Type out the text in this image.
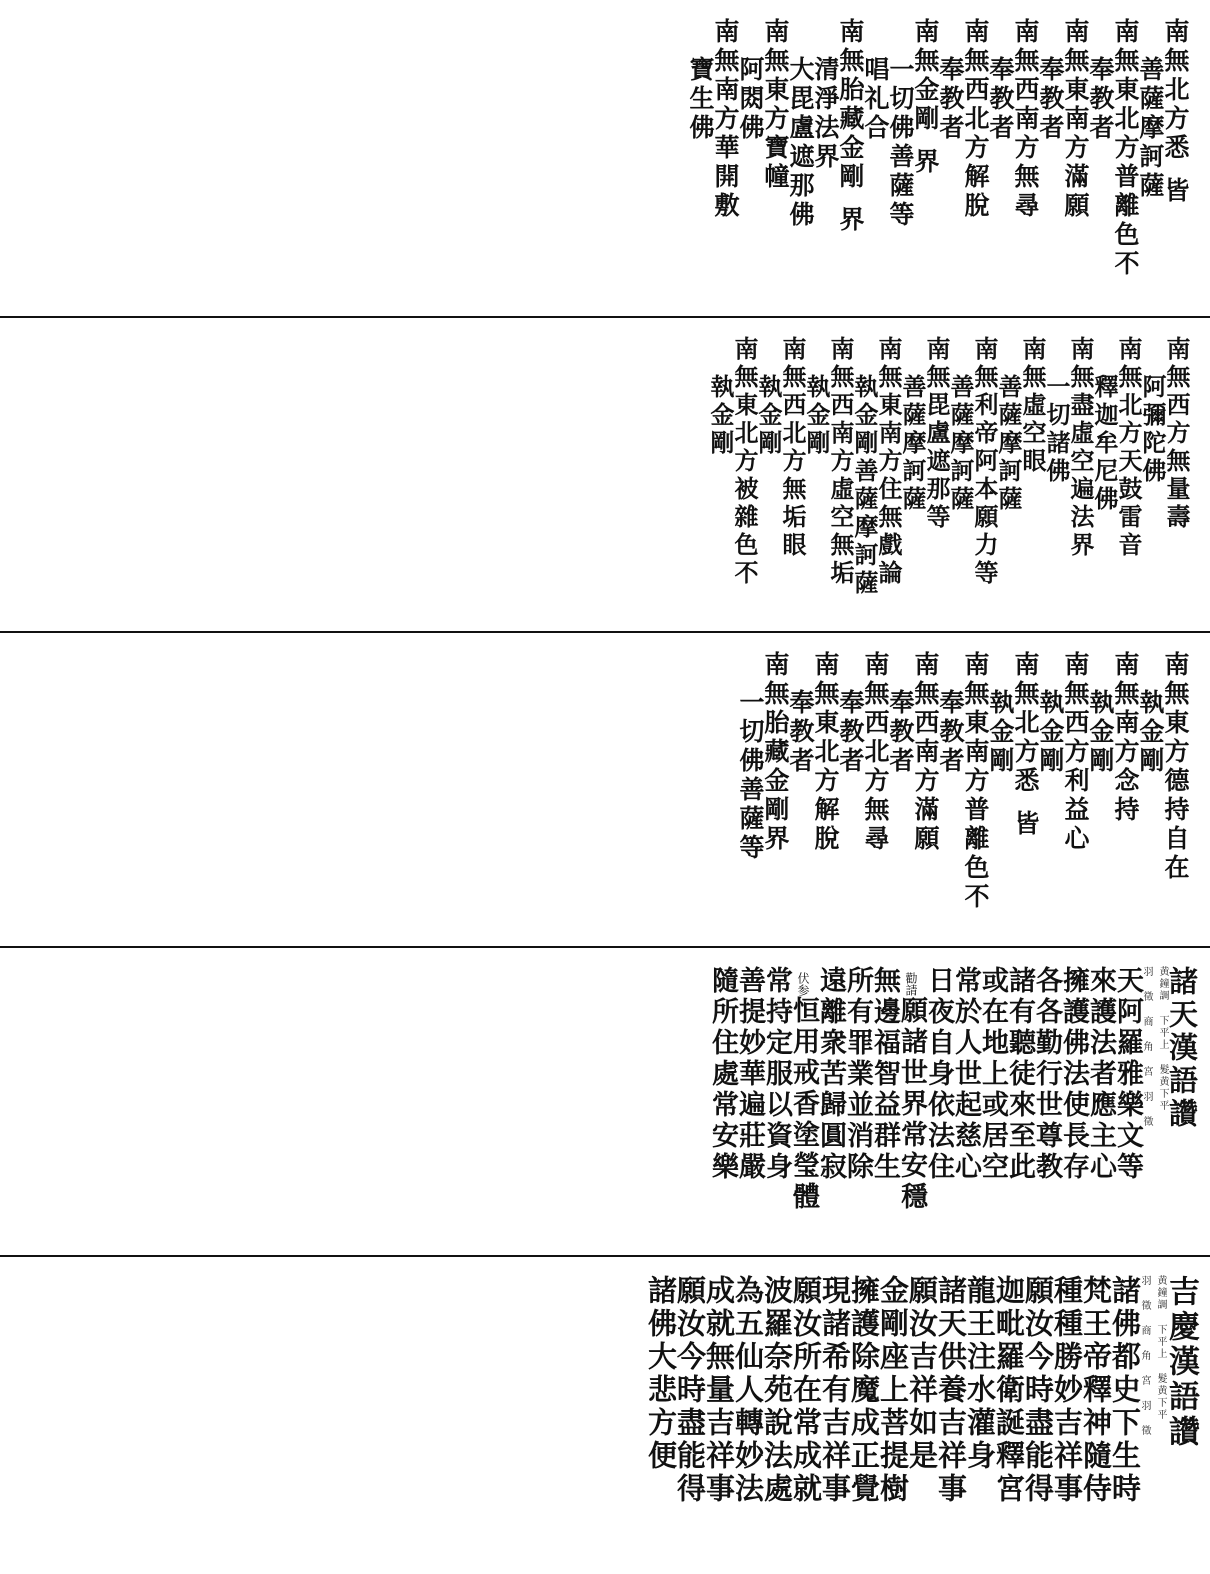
南無北方悉
皆
善薩摩訶薩
南無東北方普離色不
奉教者
南無東南方滿願
奉教者
南無西南方無尋
奉教者
南無西北方解脫
奉教者
南無金剛
界
一切佛善薩等
唱礼合
南無胎藏金剛
界
清淨法界
大毘盧遮那佛
南無東方寶幢
阿閦佛
南無南方華開敷
寶生佛
南無西方無量壽
阿彌陀佛
南無北方天鼓雷音
釋迦牟尼佛
南無盡虛空遍法界
一切諸佛
南無虛空眼
善薩摩訶薩
南無利帝阿本願力等
善薩摩訶薩
南無毘盧遮那等
善薩摩訶薩
南無東南方住無戲論
執金剛善薩摩訶薩
南無西南方虛空無垢
執金剛
南無西北方無垢眼
執金剛
南無東北方被雜色不
執金剛
南無東方德持自在
執金剛
南無南方念持
執金剛
南無西方利益心
執金剛
南無北方悉
皆
執金剛
南無東南方普離色不
奉教者
南無西南方滿願
奉教者
南無西北方無尋
奉教者
南無東北方解脫
奉教者
南無胎藏金剛界
一切佛善薩等
諸天漢語讚
黄鐘調 下平上 髮黄下平
羽 徵 商 角 宮 羽 徵
天阿羅雅樂文等
來護法者應主心
擁護佛法使長存
各各勤行世尊教
諸有聽徒來至此
或在地上或居空
常於人世起慈心
日夜自身依法住
勸請
願諸世界常安穩
無邊福智益群生
所有罪業並消除
遠離衆苦歸圓寂
伏参
恒用戒香塗瑩體
常持定服以資身
善提妙華遍莊嚴
隨所住處常安樂
吉慶漢語讚
黄鐘調 下平上 髮黄下平
羽 徵 商 角 宮 羽 徵
諸佛都史下生時
梵王帝釋神隨侍
種種勝妙吉祥事
願汝今時盡能得
迦毗羅衛誕釋宮
龍王注水灌身
諸天供養吉祥事
願汝吉祥如是
金剛座上菩提樹
擁護除魔成正覺
現諸希有吉祥事
願汝所在常成就
波羅奈苑說法處
為五仙人轉妙法
成就無量吉祥事
願汝今時盡能得
諸佛大悲方便
